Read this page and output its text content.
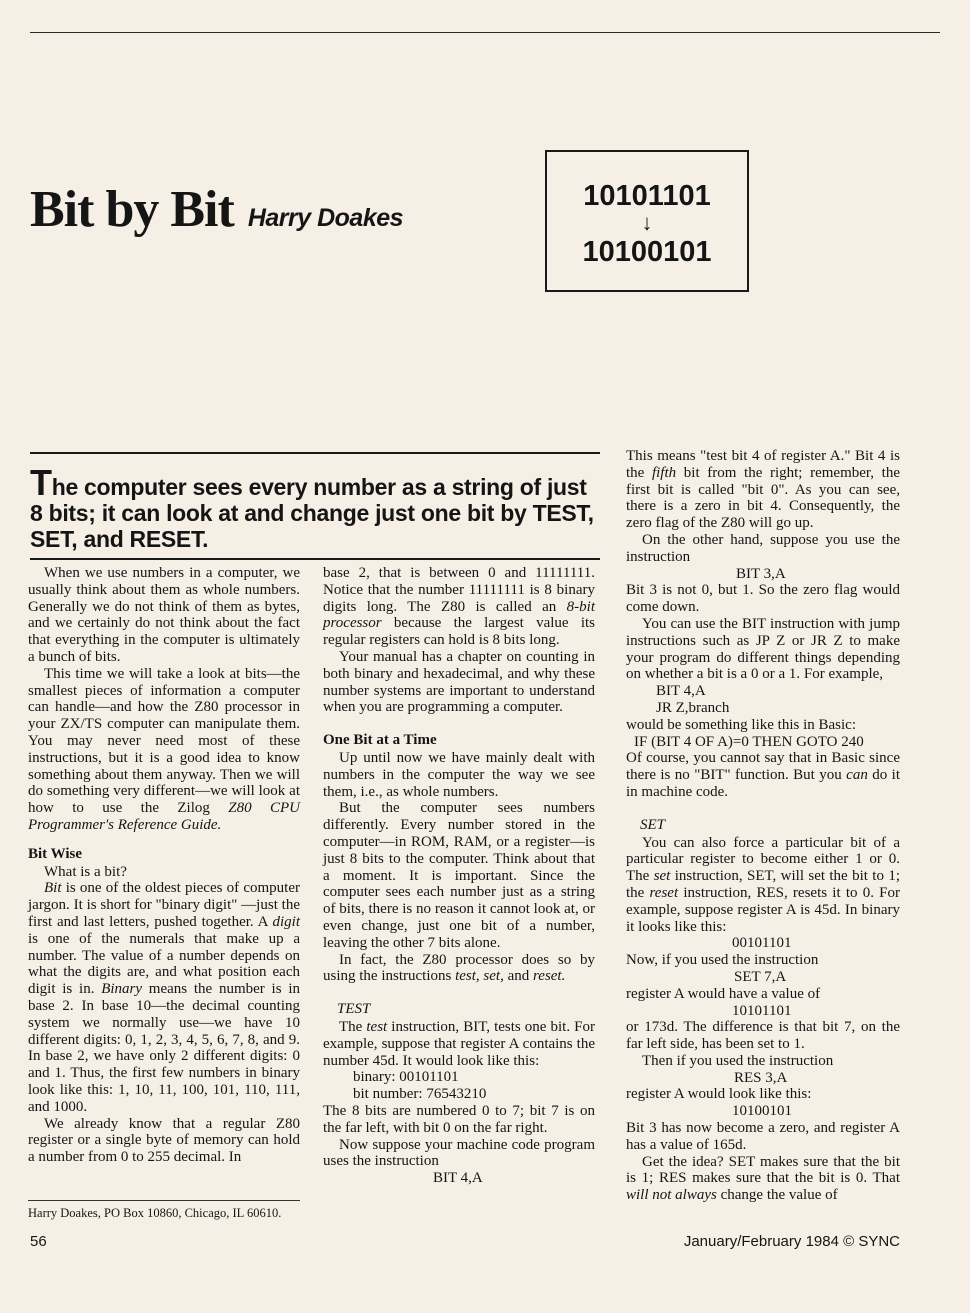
Bit by Bit Harry Doakes
10101101
↓
10100101
The computer sees every number as a string of just 8 bits; it can look at and change just one bit by TEST, SET, and RESET.

When we use numbers in a computer, we usually think about them as whole numbers. Generally we do not think of them as bytes, and we certainly do not think about the fact that everything in the computer is ultimately a bunch of bits.

This time we will take a look at bits—the smallest pieces of information a computer can handle—and how the Z80 processor in your ZX/TS computer can manipulate them. You may never need most of these instructions, but it is a good idea to know something about them anyway. Then we will do something very different—we will look at how to use the Zilog Z80 CPU Programmer's Reference Guide.

Bit Wise

What is a bit?

Bit is one of the oldest pieces of computer jargon. It is short for "binary digit" —just the first and last letters, pushed together. A digit is one of the numerals that make up a number. The value of a number depends on what the digits are, and what position each digit is in. Binary means the number is in base 2. In base 10—the decimal counting system we normally use—we have 10 different digits: 0, 1, 2, 3, 4, 5, 6, 7, 8, and 9. In base 2, we have only 2 different digits: 0 and 1. Thus, the first few numbers in binary look like this: 1, 10, 11, 100, 101, 110, 111, and 1000.

We already know that a regular Z80 register or a single byte of memory can hold a number from 0 to 255 decimal. In

base 2, that is between 0 and 11111111. Notice that the number 11111111 is 8 binary digits long. The Z80 is called an 8-bit processor because the largest value its regular registers can hold is 8 bits long.

Your manual has a chapter on counting in both binary and hexadecimal, and why these number systems are important to understand when you are programming a computer.

One Bit at a Time

Up until now we have mainly dealt with numbers in the computer the way we see them, i.e., as whole numbers.

But the computer sees numbers differently. Every number stored in the computer—in ROM, RAM, or a register—is just 8 bits to the computer. Think about that a moment. It is important. Since the computer sees each number just as a string of bits, there is no reason it cannot look at, or even change, just one bit of a number, leaving the other 7 bits alone.

In fact, the Z80 processor does so by using the instructions test, set, and reset.

TEST

The test instruction, BIT, tests one bit. For example, suppose that register A contains the number 45d. It would look like this:

binary: 00101101
bit number: 76543210

The 8 bits are numbered 0 to 7; bit 7 is on the far left, with bit 0 on the far right.

Now suppose your machine code program uses the instruction

BIT 4,A

This means "test bit 4 of register A." Bit 4 is the fifth bit from the right; remember, the first bit is called "bit 0". As you can see, there is a zero in bit 4. Consequently, the zero flag of the Z80 will go up.

On the other hand, suppose you use the instruction

BIT 3,A

Bit 3 is not 0, but 1. So the zero flag would come down.

You can use the BIT instruction with jump instructions such as JP Z or JR Z to make your program do different things depending on whether a bit is a 0 or a 1. For example,

BIT 4,A
JR Z,branch

would be something like this in Basic:

IF (BIT 4 OF A)=0 THEN GOTO 240

Of course, you cannot say that in Basic since there is no "BIT" function. But you can do it in machine code.

SET

You can also force a particular bit of a particular register to become either 1 or 0. The set instruction, SET, will set the bit to 1; the reset instruction, RES, resets it to 0. For example, suppose register A is 45d. In binary it looks like this:

00101101

Now, if you used the instruction

SET 7,A

register A would have a value of

10101101

or 173d. The difference is that bit 7, on the far left side, has been set to 1.

Then if you used the instruction

RES 3,A

register A would look like this:

10100101

Bit 3 has now become a zero, and register A has a value of 165d.

Get the idea? SET makes sure that the bit is 1; RES makes sure that the bit is 0. That will not always change the value of

Harry Doakes, PO Box 10860, Chicago, IL 60610.
56	January/February 1984 © SYNC
